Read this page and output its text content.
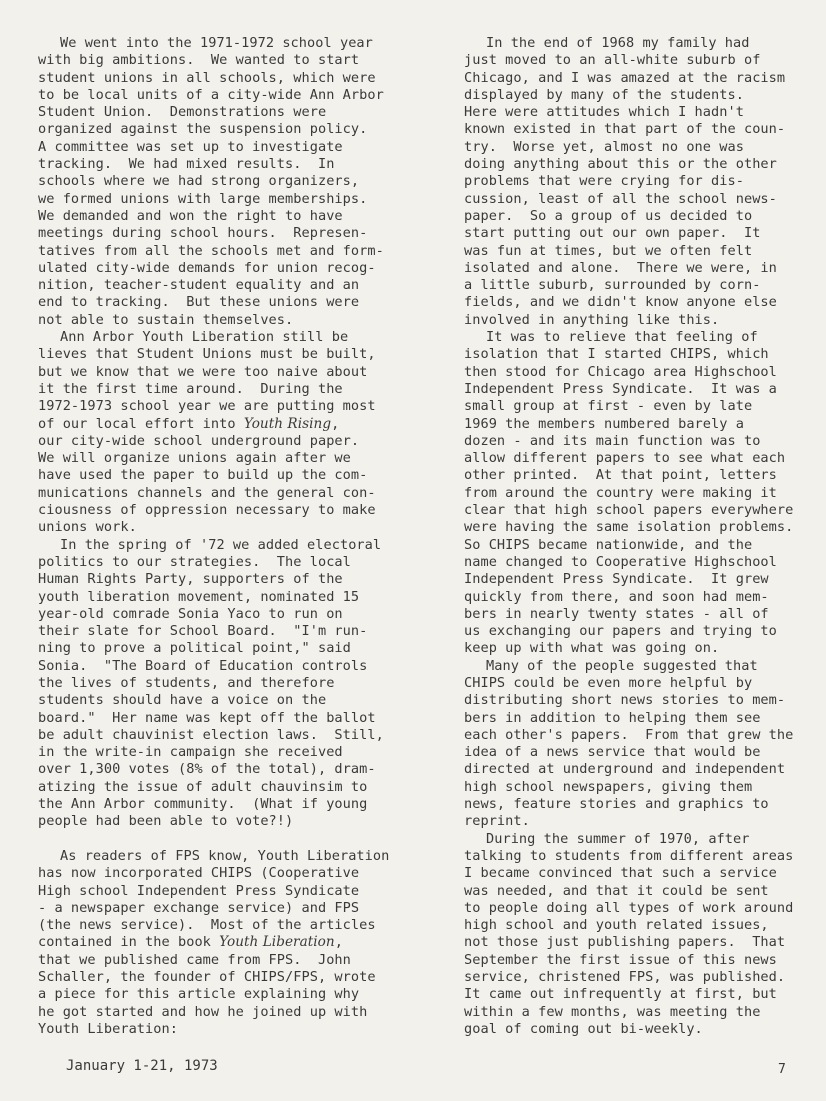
We went into the 1971-1972 school year
with big ambitions.  We wanted to start
student unions in all schools, which were
to be local units of a city-wide Ann Arbor
Student Union.  Demonstrations were
organized against the suspension policy.
A committee was set up to investigate
tracking.  We had mixed results.  In
schools where we had strong organizers,
we formed unions with large memberships.
We demanded and won the right to have
meetings during school hours.  Represen-
tatives from all the schools met and form-
ulated city-wide demands for union recog-
nition, teacher-student equality and an
end to tracking.  But these unions were
not able to sustain themselves.
Ann Arbor Youth Liberation still be
lieves that Student Unions must be built,
but we know that we were too naive about
it the first time around.  During the
1972-1973 school year we are putting most
of our local effort into Youth Rising,
our city-wide school underground paper.
We will organize unions again after we
have used the paper to build up the com-
munications channels and the general con-
ciousness of oppression necessary to make
unions work.
In the spring of '72 we added electoral
politics to our strategies.  The local
Human Rights Party, supporters of the
youth liberation movement, nominated 15
year-old comrade Sonia Yaco to run on
their slate for School Board.  "I'm run-
ning to prove a political point," said
Sonia.  "The Board of Education controls
the lives of students, and therefore
students should have a voice on the
board."  Her name was kept off the ballot
be adult chauvinist election laws.  Still,
in the write-in campaign she received
over 1,300 votes (8% of the total), dram-
atizing the issue of adult chauvinsim to
the Ann Arbor community.  (What if young
people had been able to vote?!)
As readers of FPS know, Youth Liberation
has now incorporated CHIPS (Cooperative
High school Independent Press Syndicate
- a newspaper exchange service) and FPS
(the news service).  Most of the articles
contained in the book Youth Liberation,
that we published came from FPS.  John
Schaller, the founder of CHIPS/FPS, wrote
a piece for this article explaining why
he got started and how he joined up with
Youth Liberation:
In the end of 1968 my family had
just moved to an all-white suburb of
Chicago, and I was amazed at the racism
displayed by many of the students.
Here were attitudes which I hadn't
known existed in that part of the coun-
try.  Worse yet, almost no one was
doing anything about this or the other
problems that were crying for dis-
cussion, least of all the school news-
paper.  So a group of us decided to
start putting out our own paper.  It
was fun at times, but we often felt
isolated and alone.  There we were, in
a little suburb, surrounded by corn-
fields, and we didn't know anyone else
involved in anything like this.
It was to relieve that feeling of
isolation that I started CHIPS, which
then stood for Chicago area Highschool
Independent Press Syndicate.  It was a
small group at first - even by late
1969 the members numbered barely a
dozen - and its main function was to
allow different papers to see what each
other printed.  At that point, letters
from around the country were making it
clear that high school papers everywhere
were having the same isolation problems.
So CHIPS became nationwide, and the
name changed to Cooperative Highschool
Independent Press Syndicate.  It grew
quickly from there, and soon had mem-
bers in nearly twenty states - all of
us exchanging our papers and trying to
keep up with what was going on.
Many of the people suggested that
CHIPS could be even more helpful by
distributing short news stories to mem-
bers in addition to helping them see
each other's papers.  From that grew the
idea of a news service that would be
directed at underground and independent
high school newspapers, giving them
news, feature stories and graphics to
reprint.
During the summer of 1970, after
talking to students from different areas
I became convinced that such a service
was needed, and that it could be sent
to people doing all types of work around
high school and youth related issues,
not those just publishing papers.  That
September the first issue of this news
service, christened FPS, was published.
It came out infrequently at first, but
within a few months, was meeting the
goal of coming out bi-weekly.
January 1-21, 1973	7
